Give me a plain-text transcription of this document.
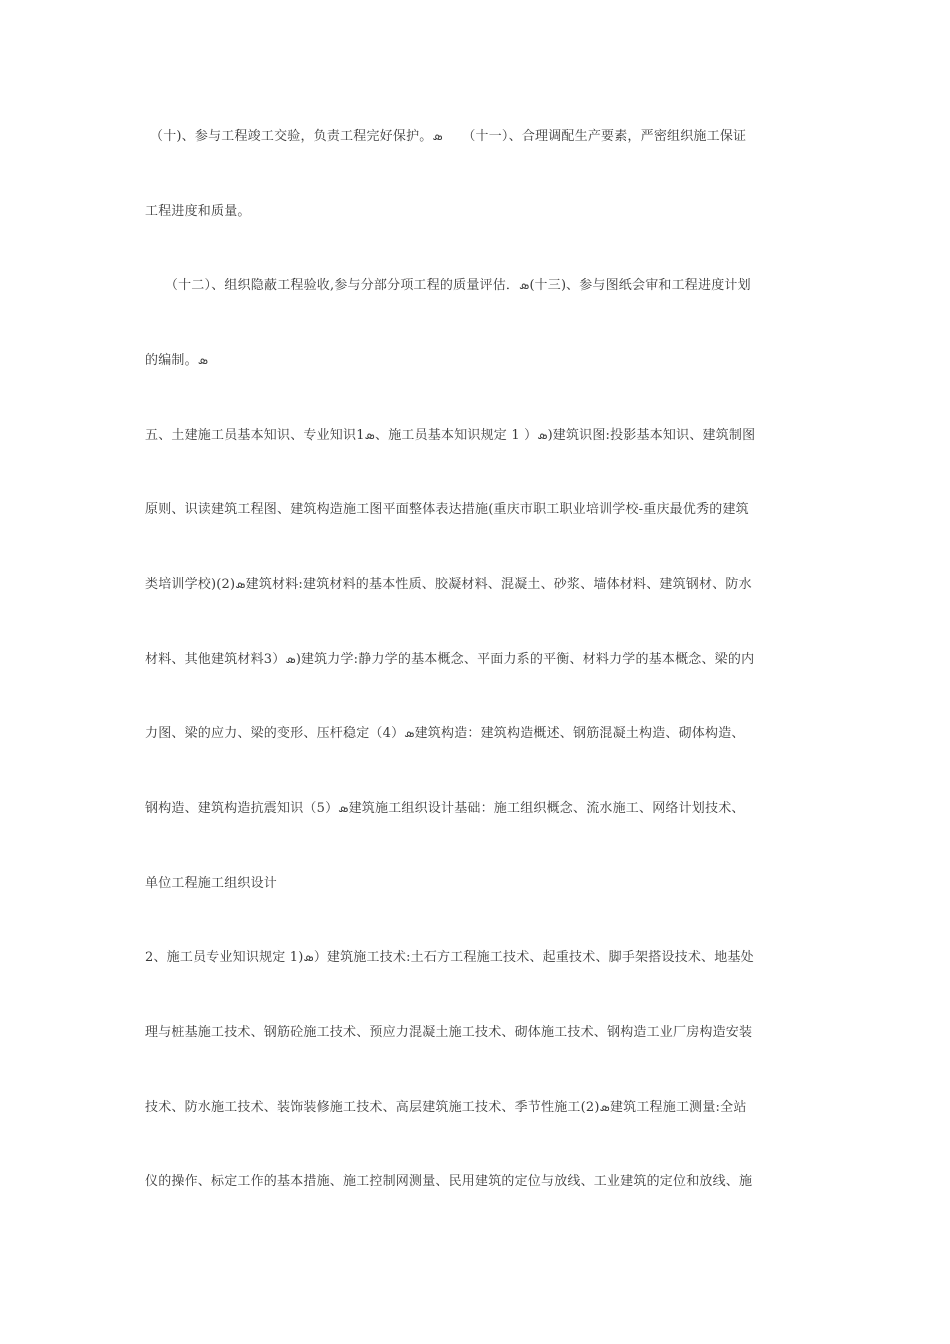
（十)、参与工程竣工交验，负责工程完好保护。ܣ　　（十一）、合理调配生产要素，严密组织施工保证
工程进度和质量。
　　（十二）、组织隐蔽工程验收,参与分部分项工程的质量评估．ܣ(十三)、参与图纸会审和工程进度计划
的编制。ܣ
五、土建施工员基本知识、专业知识1ܣ、施工员基本知识规定 1 ）ܣ)建筑识图:投影基本知识、建筑制图
原则、识读建筑工程图、建筑构造施工图平面整体表达措施(重庆市职工职业培训学校-重庆最优秀的建筑
类培训学校)(2)ܣ建筑材料:建筑材料的基本性质、胶凝材料、混凝土、砂浆、墙体材料、建筑钢材、防水
材料、其他建筑材料3）ܣ)建筑力学:静力学的基本概念、平面力系的平衡、材料力学的基本概念、梁的内
力图、梁的应力、梁的变形、压杆稳定（4）ܣ建筑构造：建筑构造概述、钢筋混凝土构造、砌体构造、
钢构造、建筑构造抗震知识（5）ܣ建筑施工组织设计基础：施工组织概念、流水施工、网络计划技术、
单位工程施工组织设计
2、施工员专业知识规定 1)ܣ）建筑施工技术:土石方工程施工技术、起重技术、脚手架搭设技术、地基处
理与桩基施工技术、钢筋砼施工技术、预应力混凝土施工技术、砌体施工技术、钢构造工业厂房构造安装
技术、防水施工技术、装饰装修施工技术、高层建筑施工技术、季节性施工(2)ܣ建筑工程施工测量:全站
仪的操作、标定工作的基本措施、施工控制网测量、民用建筑的定位与放线、工业建筑的定位和放线、施
